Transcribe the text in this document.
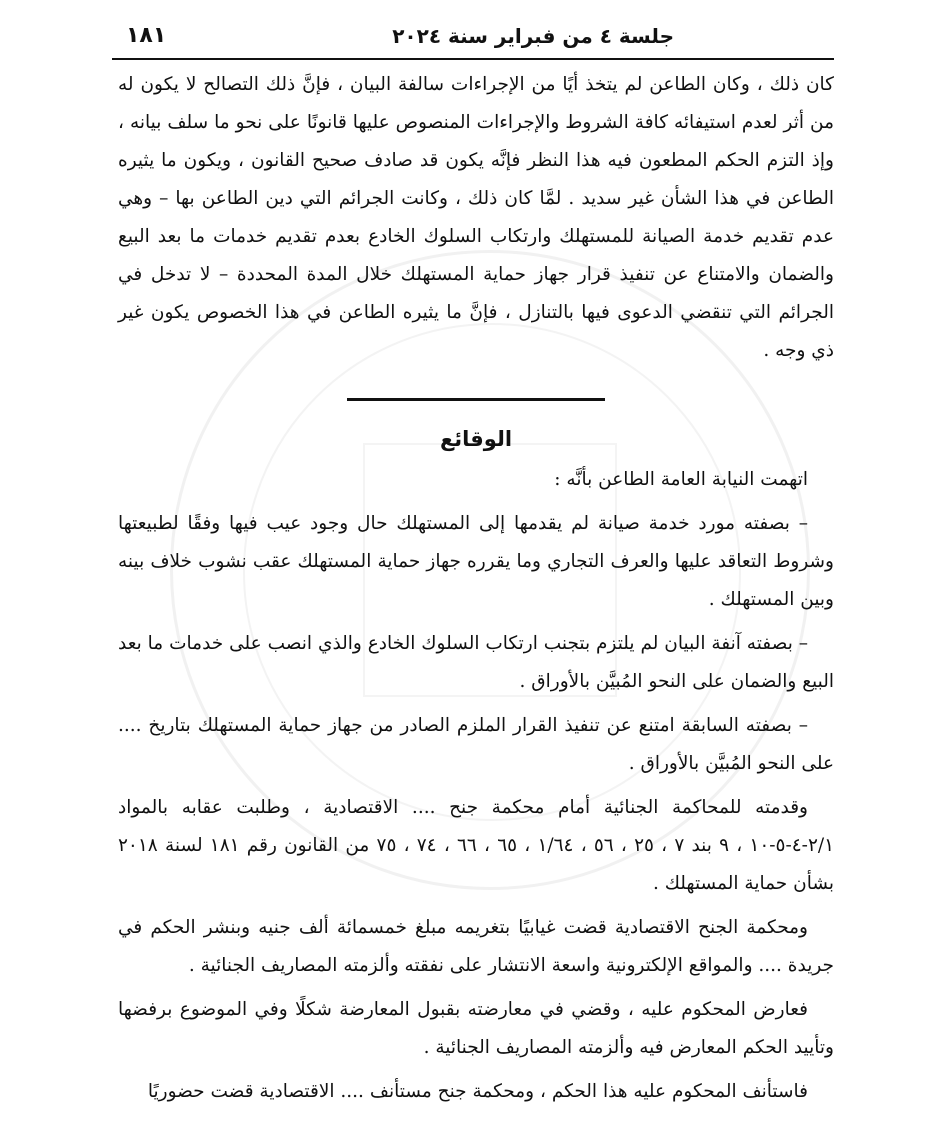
جلسة ٤ من فبراير سنة ٢٠٢٤
١٨١

كان ذلك ، وكان الطاعن لم يتخذ أيًا من الإجراءات سالفة البيان ، فإنَّ ذلك التصالح لا يكون له من أثر لعدم استيفائه كافة الشروط والإجراءات المنصوص عليها قانونًا على نحو ما سلف بيانه ، وإذ التزم الحكم المطعون فيه هذا النظر فإنَّه يكون قد صادف صحيح القانون ، ويكون ما يثيره الطاعن في هذا الشأن غير سديد . لمَّا كان ذلك ، وكانت الجرائم التي دين الطاعن بها – وهي عدم تقديم خدمة الصيانة للمستهلك وارتكاب السلوك الخادع بعدم تقديم خدمات ما بعد البيع والضمان والامتناع عن تنفيذ قرار جهاز حماية المستهلك خلال المدة المحددة – لا تدخل في الجرائم التي تنقضي الدعوى فيها بالتنازل ، فإنَّ ما يثيره الطاعن في هذا الخصوص يكون غير ذي وجه .

الوقائع

اتهمت النيابة العامة الطاعن بأنَّه :

– بصفته مورد خدمة صيانة لم يقدمها إلى المستهلك حال وجود عيب فيها وفقًا لطبيعتها وشروط التعاقد عليها والعرف التجاري وما يقرره جهاز حماية المستهلك عقب نشوب خلاف بينه وبين المستهلك .

– بصفته آنفة البيان لم يلتزم بتجنب ارتكاب السلوك الخادع والذي انصب على خدمات ما بعد البيع والضمان على النحو المُبيَّن بالأوراق .

– بصفته السابقة امتنع عن تنفيذ القرار الملزم الصادر من جهاز حماية المستهلك بتاريخ .... على النحو المُبيَّن بالأوراق .

وقدمته للمحاكمة الجنائية أمام محكمة جنح .... الاقتصادية ، وطلبت عقابه بالمواد ٢/١-٤-٥-١٠ ، ٩ بند ٧ ، ٢٥ ، ٥٦ ، ١/٦٤ ، ٦٥ ، ٦٦ ، ٧٤ ، ٧٥ من القانون رقم ١٨١ لسنة ٢٠١٨ بشأن حماية المستهلك .

ومحكمة الجنح الاقتصادية قضت غيابيًا بتغريمه مبلغ خمسمائة ألف جنيه وبنشر الحكم في جريدة .... والمواقع الإلكترونية واسعة الانتشار على نفقته وألزمته المصاريف الجنائية .

فعارض المحكوم عليه ، وقضي في معارضته بقبول المعارضة شكلًا وفي الموضوع برفضها وتأييد الحكم المعارض فيه وألزمته المصاريف الجنائية .

فاستأنف المحكوم عليه هذا الحكم ، ومحكمة جنح مستأنف .... الاقتصادية قضت حضوريًا
